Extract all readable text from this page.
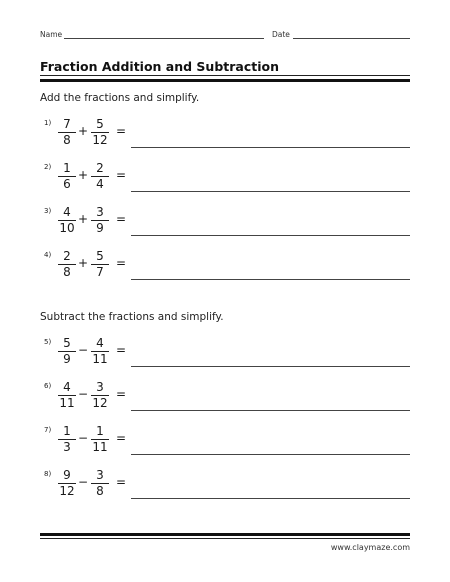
Name	Date
Fraction Addition and Subtraction
Add the fractions and simplify.
1) 7
8
+ 5
12
=
2) 1
6
+ 2
4
=
3) 4
10
+ 3
9
=
4) 2
8
+ 5
7
=
Subtract the fractions and simplify.
5) 5
9
− 4
11
=
6) 4
11
− 3
12
=
7) 1
3
− 1
11
=
8) 9
12
− 3
8
=
www.claymaze.com
